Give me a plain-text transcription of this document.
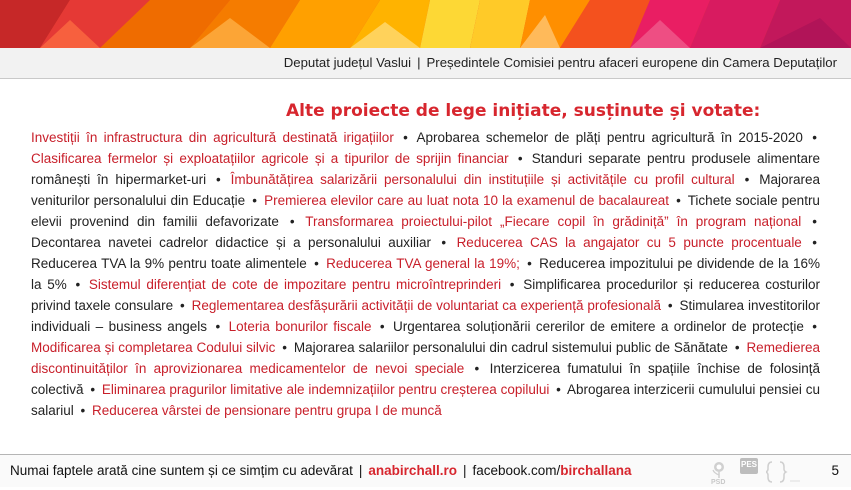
Deputat județul Vaslui | Președintele Comisiei pentru afaceri europene din Camera Deputaților
Alte proiecte de lege inițiate, susținute și votate:
Investiții în infrastructura din agricultură destinată irigațiilor • Aprobarea schemelor de plăți pentru agricultură în 2015-2020 • Clasificarea fermelor și exploatațiilor agricole și a tipurilor de sprijin financiar • Standuri separate pentru produsele alimentare românești în hipermarket-uri • Îmbunătățirea salarizării personalului din instituțiile și activitățile cu profil cultural • Majorarea veniturilor personalului din Educație • Premierea elevilor care au luat nota 10 la examenul de bacalaureat • Tichete sociale pentru elevii provenind din familii defavorizate • Transformarea proiectului-pilot „Fiecare copil în grădiniță” în program național • Decontarea navetei cadrelor didactice și a personalului auxiliar • Reducerea CAS la angajator cu 5 puncte procentuale • Reducerea TVA la 9% pentru toate alimentele • Reducerea TVA general la 19%; • Reducerea impozitului pe dividende de la 16% la 5% • Sistemul diferențiat de cote de impozitare pentru microîntreprinderi • Simplificarea procedurilor și reducerea costurilor privind taxele consulare • Reglementarea desfășurării activității de voluntariat ca experiență profesională • Stimularea investitorilor individuali – business angels • Loteria bonurilor fiscale • Urgentarea soluționării cererilor de emitere a ordinelor de protecție • Modificarea și completarea Codului silvic • Majorarea salariilor personalului din cadrul sistemului public de Sănătate • Remedierea discontinuităților în aprovizionarea medicamentelor de nevoi speciale • Interzicerea fumatului în spațiile închise de folosință colectivă • Eliminarea pragurilor limitative ale indemnizațiilor pentru creșterea copilului • Abrogarea interzicerii cumulului pensiei cu salariul • Reducerea vârstei de pensionare pentru grupa I de muncă
Numai faptele arată cine suntem și ce simțim cu adevărat | anabirchall.ro | facebook.com/birchallana
PSD
PES	5
